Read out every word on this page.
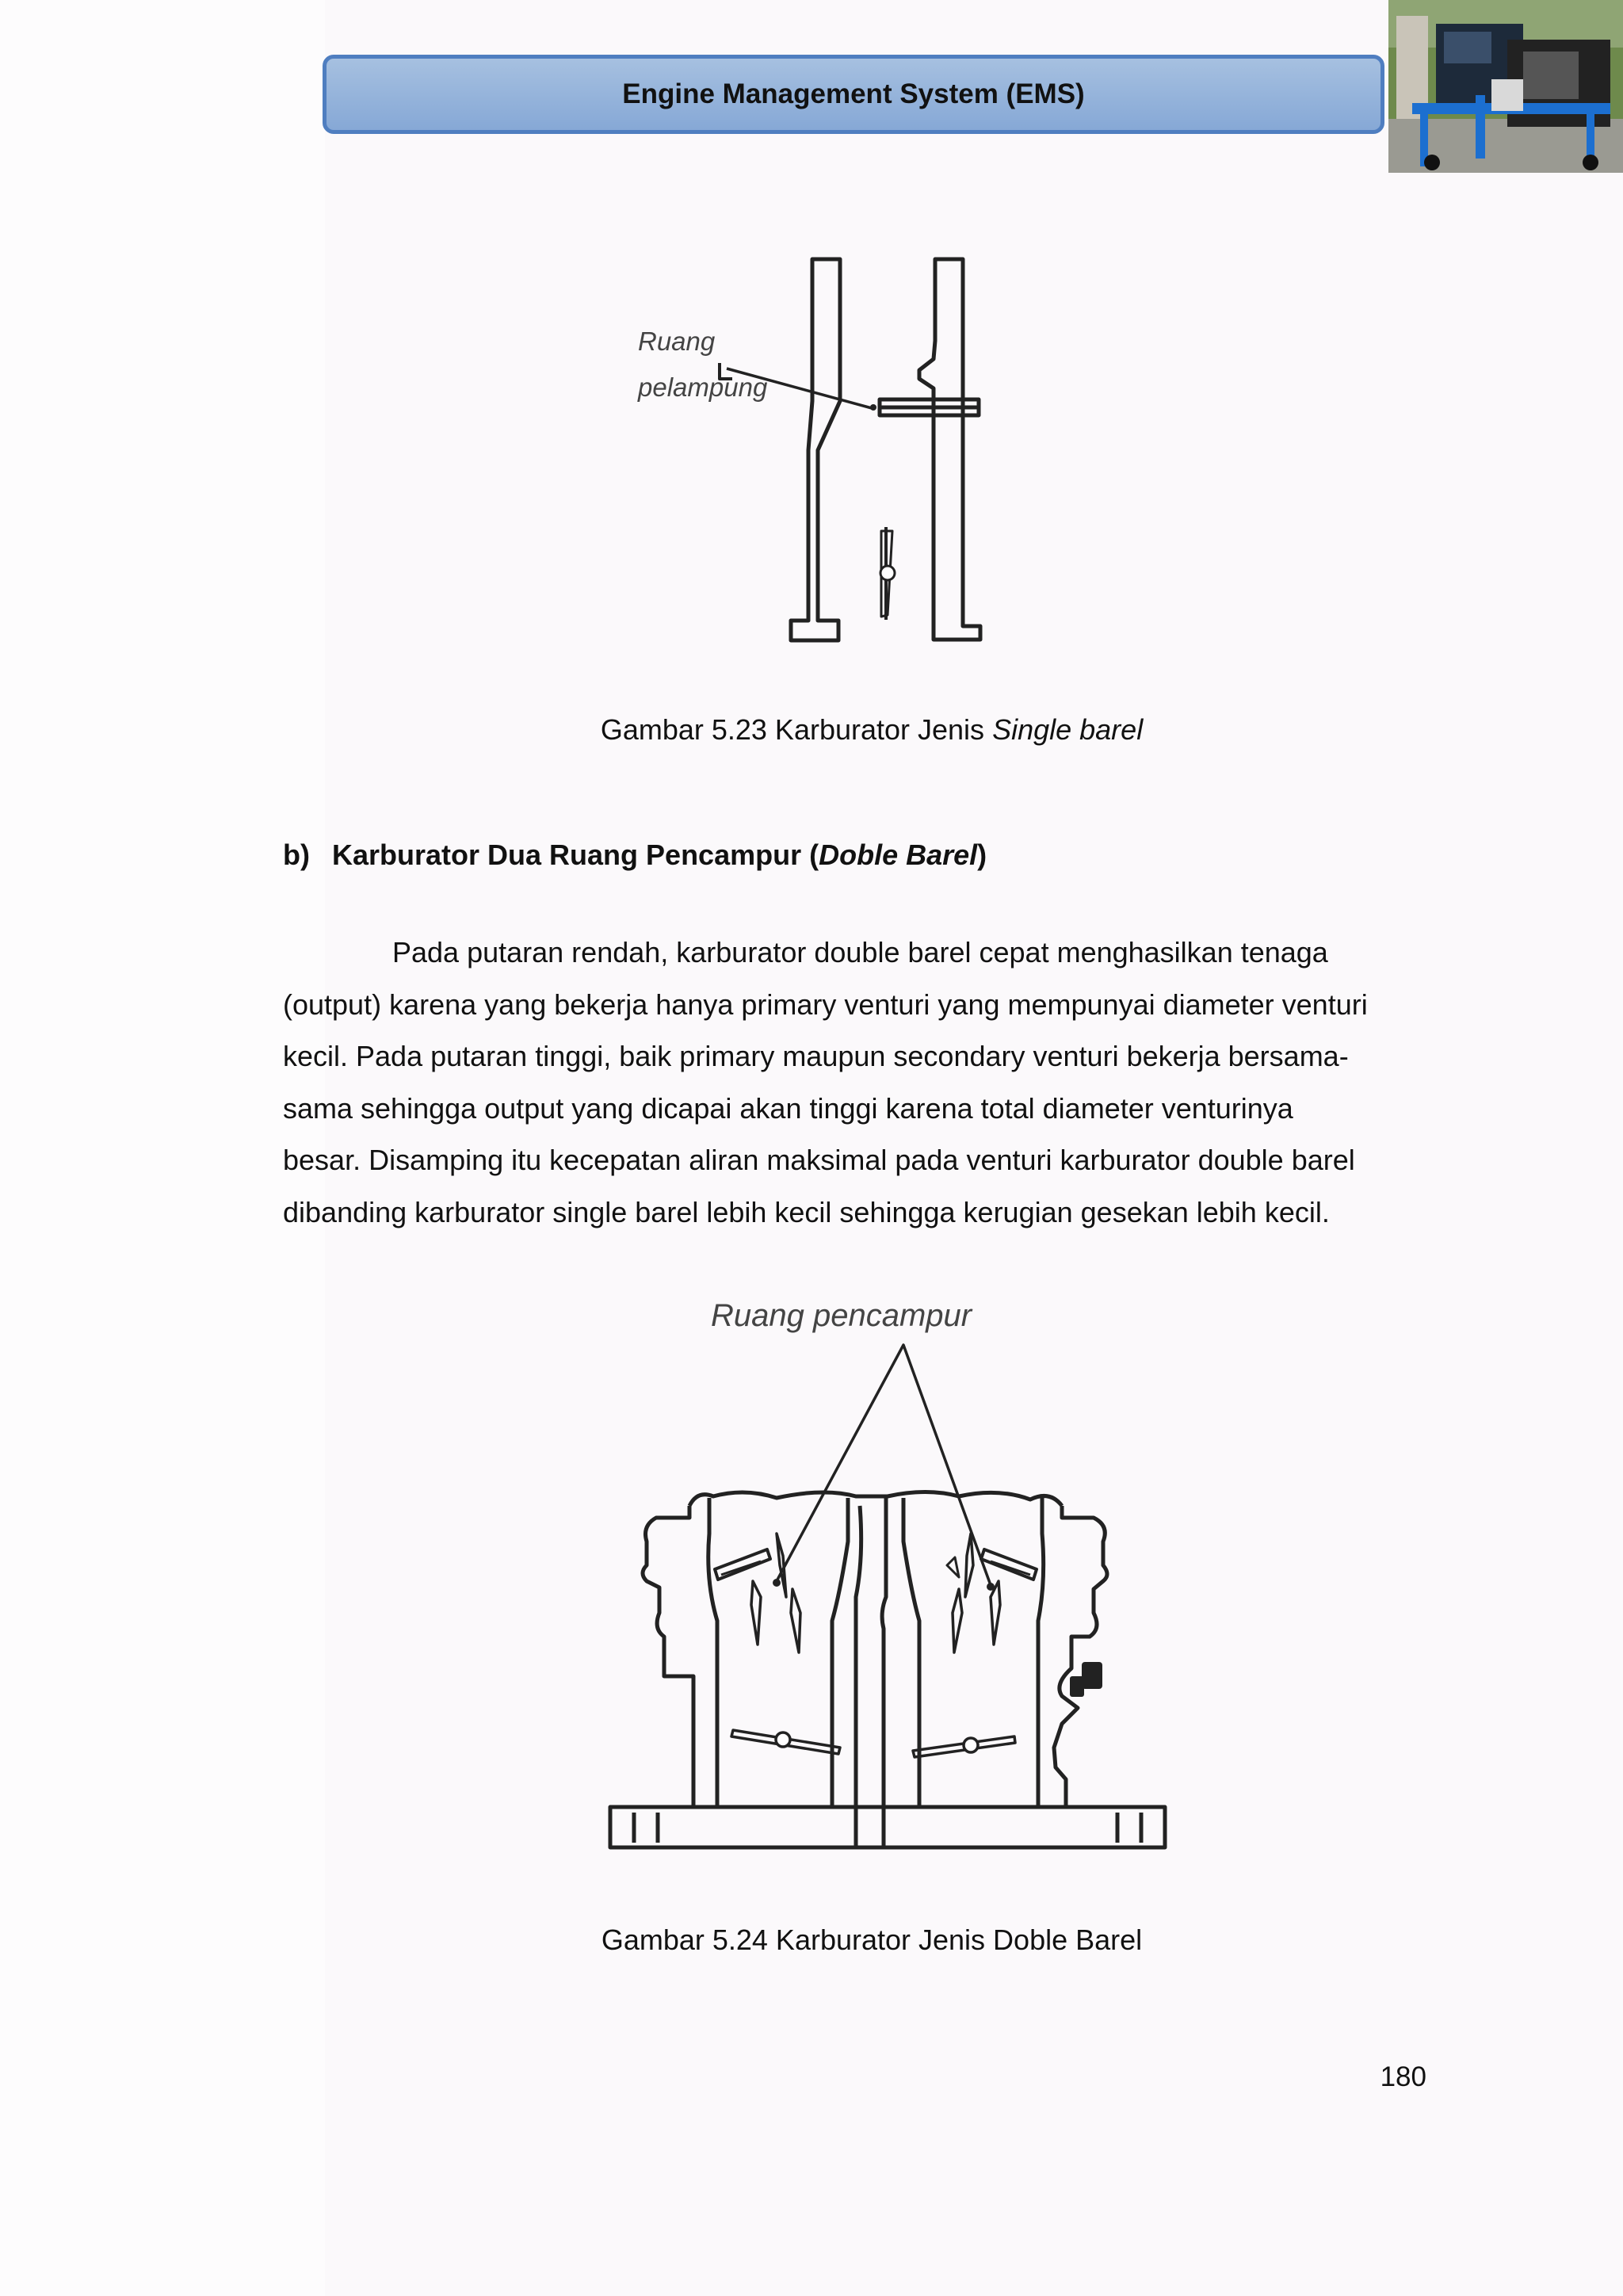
Engine Management System (EMS)
Ruang
pelampung
Gambar 5.23 Karburator Jenis Single barel
b) Karburator Dua Ruang Pencampur (Doble Barel)
Pada putaran rendah, karburator double barel cepat menghasilkan tenaga
(output) karena yang bekerja hanya primary venturi yang mempunyai diameter venturi
kecil. Pada putaran tinggi, baik primary maupun secondary venturi bekerja bersama-
sama sehingga output yang dicapai akan tinggi karena total diameter venturinya
besar. Disamping itu kecepatan aliran maksimal pada venturi karburator double barel
dibanding karburator single barel lebih kecil sehingga kerugian gesekan lebih kecil.
Ruang pencampur
Gambar 5.24 Karburator Jenis Doble Barel
180
